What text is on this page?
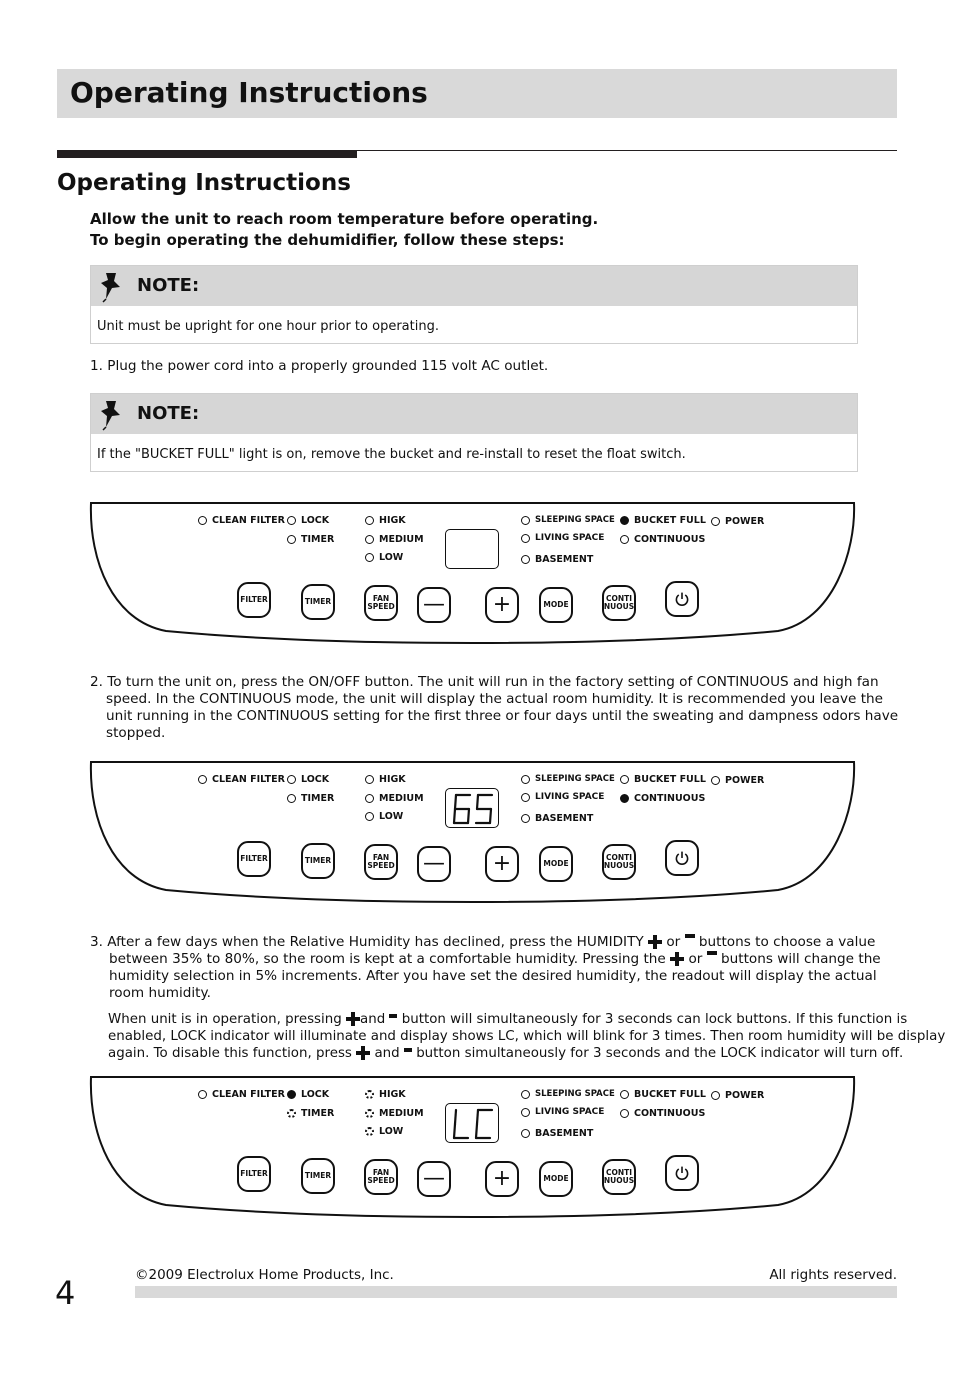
Operating Instructions
Operating Instructions
Allow the unit to reach room temperature before operating.
To begin operating the dehumidifier, follow these steps:
NOTE:
Unit must be upright for one hour prior to operating.
1. Plug the power cord into a properly grounded 115 volt AC outlet.
NOTE:
If the "BUCKET FULL" light is on, remove the bucket and re-install to reset the float switch.
CLEAN FILTER LOCK
TIMER
HIGK
MEDIUM
LOW
SLEEPING SPACE
LIVING SPACE
BASEMENT
BUCKET FULL
CONTINUOUS
POWER
FILTER	TIMER	FAN
SPEED — +	MODE
CONTI
NUOUS
2. To turn the unit on, press the ON/OFF button. The unit will run in the factory setting of CONTINUOUS and high fan
speed. In the CONTINUOUS mode, the unit will display the actual room humidity. It is recommended you leave the
unit running in the CONTINUOUS setting for the first three or four days until the sweating and dampness odors have
stopped.
CLEAN FILTER LOCK
TIMER
HIGK
MEDIUM
LOW
SLEEPING SPACE
LIVING SPACE
BASEMENT
BUCKET FULL
CONTINUOUS
POWER
FILTER	TIMER	FAN
SPEED — +	MODE
CONTI
NUOUS
3. After a few days when the Relative Humidity has declined, press the HUMIDITY or buttons to choose a value
between 35% to 80%, so the room is kept at a comfortable humidity. Pressing the or buttons will change the
humidity selection in 5% increments. After you have set the desired humidity, the readout will display the actual
room humidity.
When unit is in operation, pressing and button will simultaneously for 3 seconds can lock buttons. If this function is
enabled, LOCK indicator will illuminate and display shows LC, which will blink for 3 times. Then room humidity will be display
again. To disable this function, press and button simultaneously for 3 seconds and the LOCK indicator will turn off.
CLEAN FILTER LOCK
TIMER
HIGK
MEDIUM
LOW
SLEEPING SPACE
LIVING SPACE
BASEMENT
BUCKET FULL
CONTINUOUS
POWER
FILTER	TIMER	FAN
SPEED — +	MODE
CONTI
NUOUS
©2009 Electrolux Home Products, Inc.	All rights reserved.
4
